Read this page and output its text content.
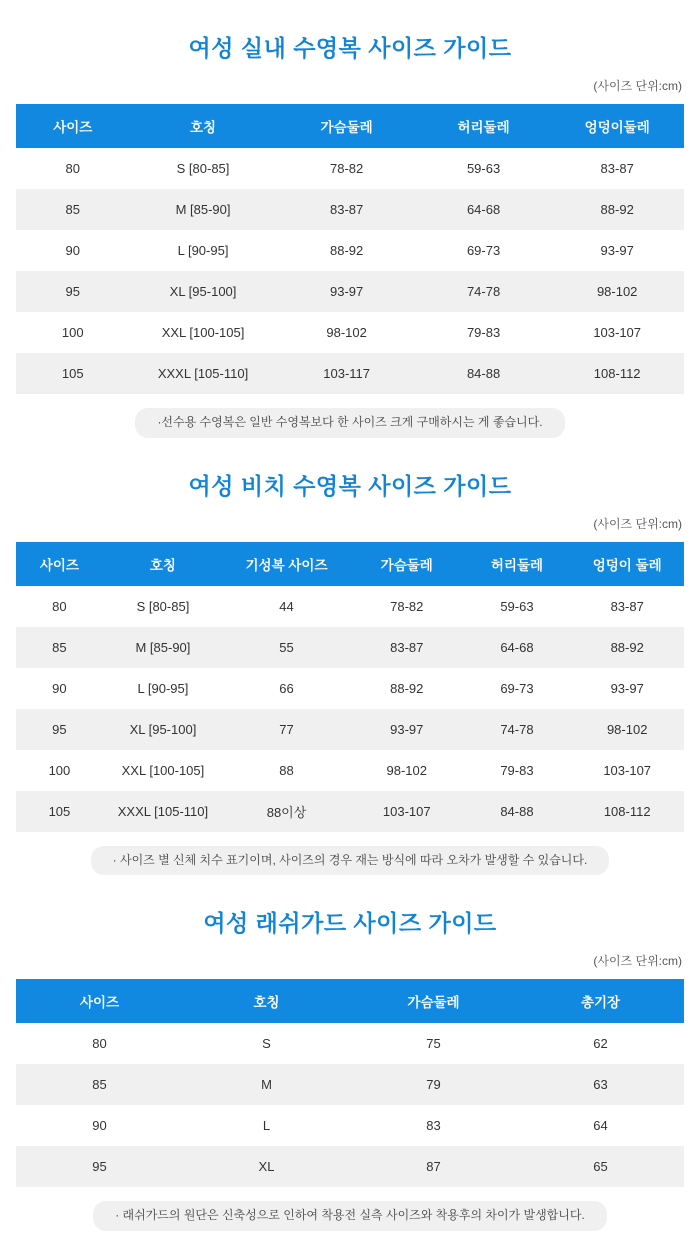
여성 실내 수영복 사이즈 가이드
(사이즈 단위:cm)
사이즈	호칭	가슴둘레	허리둘레	엉덩이둘레
80	S [80-85]	78-82	59-63	83-87
85	M [85-90]	83-87	64-68	88-92
90	L [90-95]	88-92	69-73	93-97
95	XL [95-100]	93-97	74-78	98-102
100	XXL [100-105]	98-102	79-83	103-107
105	XXXL [105-110]	103-117	84-88	108-112
·선수용 수영복은 일반 수영복보다 한 사이즈 크게 구매하시는 게 좋습니다.
여성 비치 수영복 사이즈 가이드
(사이즈 단위:cm)
사이즈	호칭	기성복 사이즈	가슴둘레	허리둘레	엉덩이 둘레
80	S [80-85]	44	78-82	59-63	83-87
85	M [85-90]	55	83-87	64-68	88-92
90	L [90-95]	66	88-92	69-73	93-97
95	XL [95-100]	77	93-97	74-78	98-102
100	XXL [100-105]	88	98-102	79-83	103-107
105	XXXL [105-110]	88이상	103-107	84-88	108-112
· 사이즈 별 신체 치수 표기이며, 사이즈의 경우 재는 방식에 따라 오차가 발생할 수 있습니다.
여성 래쉬가드 사이즈 가이드
(사이즈 단위:cm)
사이즈	호칭	가슴둘레	총기장
80	S	75	62
85	M	79	63
90	L	83	64
95	XL	87	65
· 래쉬가드의 원단은 신축성으로 인하여 착용전 실측 사이즈와 착용후의 차이가 발생합니다.
